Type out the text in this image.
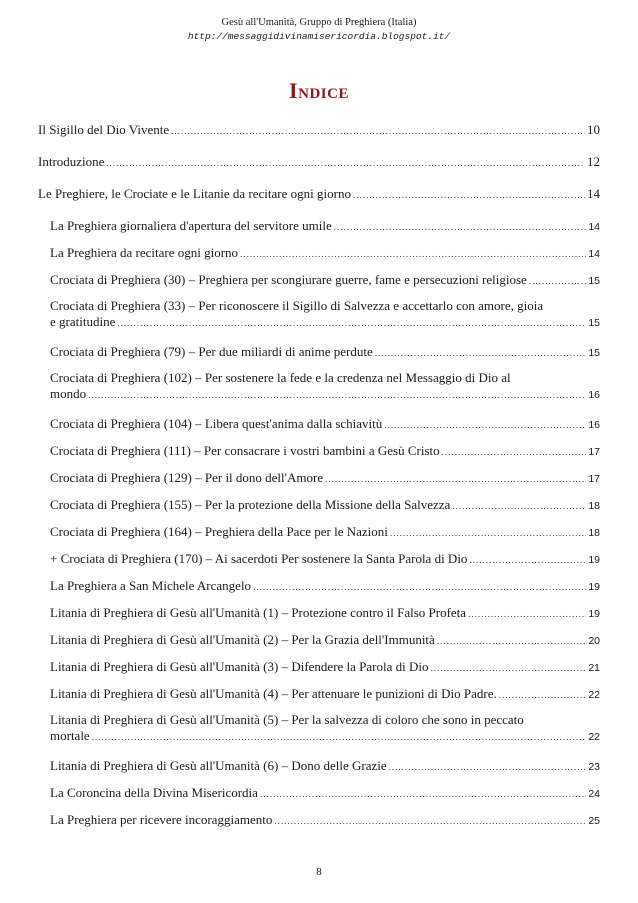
Gesù all'Umanità, Gruppo di Preghiera (Italia)
http://messaggidivinamisericordia.blogspot.it/
Indice
Il Sigillo del Dio Vivente .....	10
Introduzione .....	12
Le Preghiere, le Crociate e le Litanie da recitare ogni giorno .....	14
La Preghiera giornaliera d'apertura del servitore umile .....	14
La Preghiera da recitare ogni giorno .....	14
Crociata di Preghiera (30) – Preghiera per scongiurare guerre, fame e persecuzioni religiose .....	15
Crociata di Preghiera (33) – Per riconoscere il Sigillo di Salvezza e accettarlo con amore, gioia
e gratitudine .....	15
Crociata di Preghiera (79) – Per due miliardi di anime perdute .....	15
Crociata di Preghiera (102) – Per sostenere la fede e la credenza nel Messaggio di Dio al
mondo .....	16
Crociata di Preghiera (104) – Libera quest'anima dalla schiavitù .....	16
Crociata di Preghiera (111) – Per consacrare i vostri bambini a Gesù Cristo .....	17
Crociata di Preghiera (129) – Per il dono dell'Amore .....	17
Crociata di Preghiera (155) – Per la protezione della Missione della Salvezza .....	18
Crociata di Preghiera (164) – Preghiera della Pace per le Nazioni .....	18
+ Crociata di Preghiera (170) – Ai sacerdoti Per sostenere la Santa Parola di Dio .....	19
La Preghiera a San Michele Arcangelo .....	19
Litania di Preghiera di Gesù all'Umanità (1) – Protezione contro il Falso Profeta .....	19
Litania di Preghiera di Gesù all'Umanità (2) – Per la Grazia dell'Immunità .....	20
Litania di Preghiera di Gesù all'Umanità (3) – Difendere la Parola di Dio .....	21
Litania di Preghiera di Gesù all'Umanità (4) – Per attenuare le punizioni di Dio Padre. .....	22
Litania di Preghiera di Gesù all'Umanità (5) – Per la salvezza di coloro che sono in peccato
mortale .....	22
Litania di Preghiera di Gesù all'Umanità (6) – Dono delle Grazie .....	23
La Coroncina della Divina Misericordia .....	24
La Preghiera per ricevere incoraggiamento .....	25
8
